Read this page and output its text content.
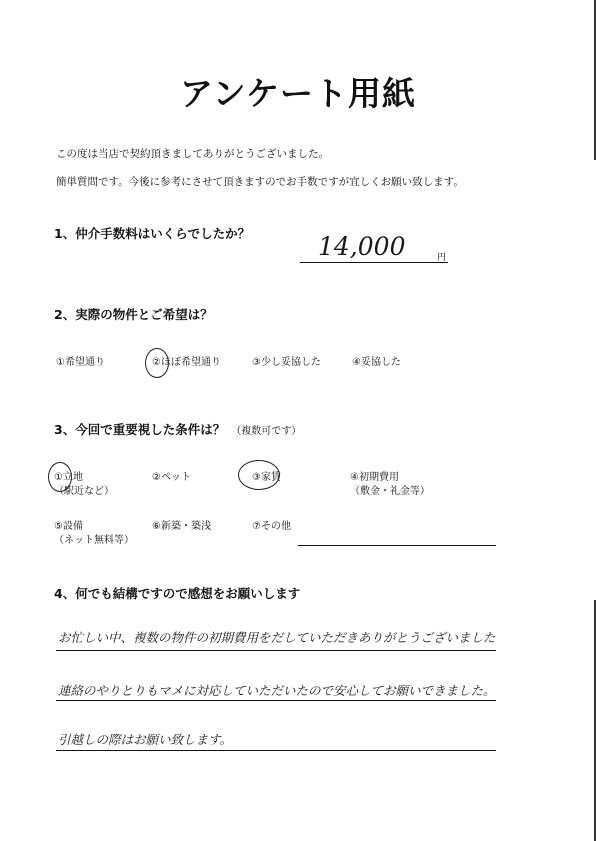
アンケート用紙
この度は当店で契約頂きましてありがとうございました。
簡単質問です。今後に参考にさせて頂きますのでお手数ですが宜しくお願い致します。
1、仲介手数料はいくらでしたか？	14,000	円
2、実際の物件とご希望は？
①希望通り	②ほぼ希望通り	③少し妥協した	④妥協した
3、今回で重要視した条件は？ （複数可です）
①立地
（駅近など）
②ペット	③家賃	④初期費用
（敷金・礼金等）
⑤設備
（ネット無料等）
⑥新築・築浅	⑦その他
4、何でも結構ですので感想をお願いします
お忙しい中、複数の物件の初期費用をだしていただきありがとうございました
連絡のやりとりもマメに対応していただいたので安心してお願いできました。
引越しの際はお願い致します。
